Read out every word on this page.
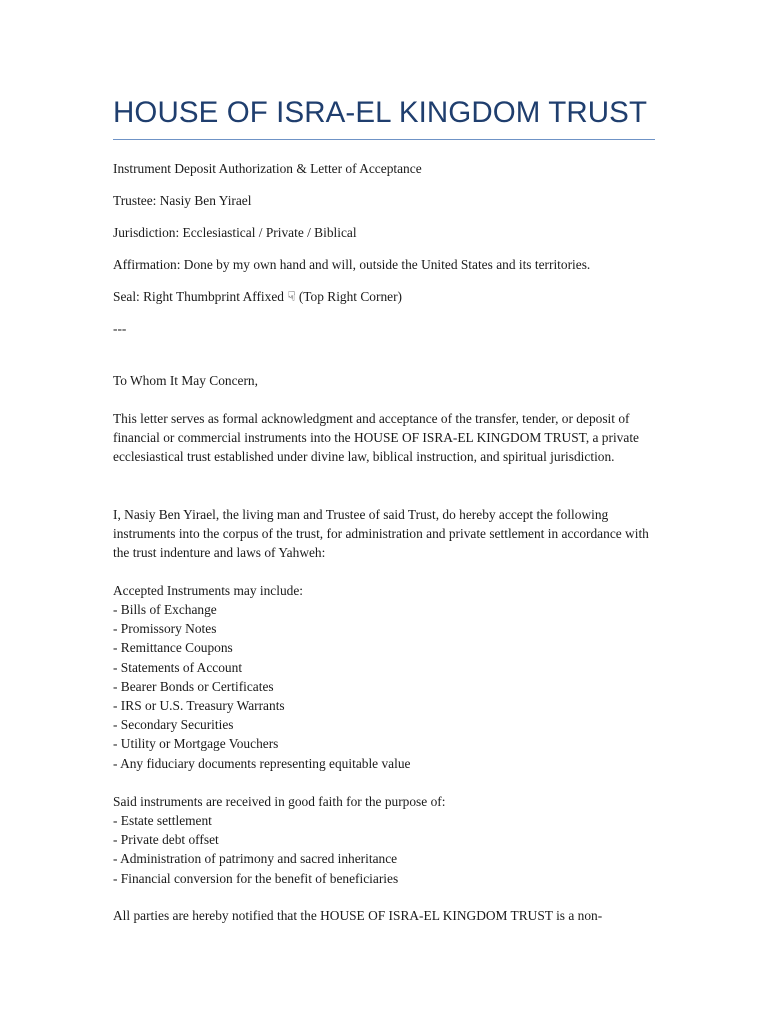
HOUSE OF ISRA-EL KINGDOM TRUST

Instrument Deposit Authorization & Letter of Acceptance

Trustee: Nasiy Ben Yirael

Jurisdiction: Ecclesiastical / Private / Biblical

Affirmation: Done by my own hand and will, outside the United States and its territories.

Seal: Right Thumbprint Affixed ☟ (Top Right Corner)

---

To Whom It May Concern,

This letter serves as formal acknowledgment and acceptance of the transfer, tender, or deposit of financial or commercial instruments into the HOUSE OF ISRA-EL KINGDOM TRUST, a private ecclesiastical trust established under divine law, biblical instruction, and spiritual jurisdiction.

I, Nasiy Ben Yirael, the living man and Trustee of said Trust, do hereby accept the following instruments into the corpus of the trust, for administration and private settlement in accordance with the trust indenture and laws of Yahweh:

Accepted Instruments may include:

- Bills of Exchange
- Promissory Notes
- Remittance Coupons
- Statements of Account
- Bearer Bonds or Certificates
- IRS or U.S. Treasury Warrants
- Secondary Securities
- Utility or Mortgage Vouchers
- Any fiduciary documents representing equitable value

Said instruments are received in good faith for the purpose of:

- Estate settlement
- Private debt offset
- Administration of patrimony and sacred inheritance
- Financial conversion for the benefit of beneficiaries

All parties are hereby notified that the HOUSE OF ISRA-EL KINGDOM TRUST is a non-
